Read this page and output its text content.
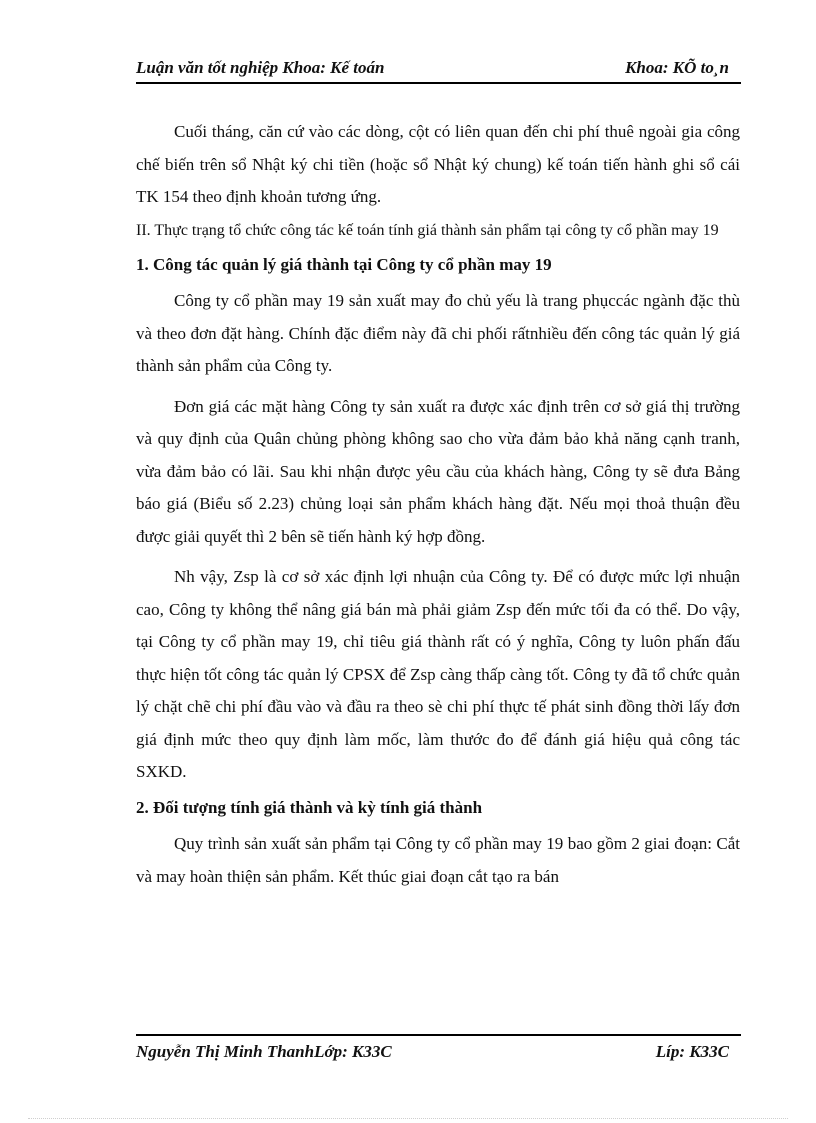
Luận văn tốt nghiệp Khoa: Kế toán	Khoa: KÕ to¸n

Cuối tháng, căn cứ vào các dòng, cột có liên quan đến chi phí thuê ngoài gia công chế biến trên sổ Nhật ký chi tiền (hoặc sổ Nhật ký chung) kế toán tiến hành ghi sổ cái TK 154 theo định khoản tương ứng.

II. Thực trạng tổ chức công tác kế toán tính giá thành sản phẩm tại công ty cổ phần may 19

1. Công tác quản lý giá thành tại Công ty cổ phần may 19

Công ty cổ phần may 19 sản xuất may đo chủ yếu là trang phụccác ngành đặc thù và theo đơn đặt hàng. Chính đặc điểm này đã chi phối rấtnhiều đến công tác quản lý giá thành sản phẩm của Công ty.

Đơn giá các mặt hàng Công ty sản xuất ra được xác định trên cơ sở giá thị trường và quy định của Quân chủng phòng không sao cho vừa đảm bảo khả năng cạnh tranh, vừa đảm bảo có lãi. Sau khi nhận được yêu cầu của khách hàng, Công ty sẽ đưa Bảng báo giá (Biểu số 2.23) chủng loại sản phẩm khách hàng đặt. Nếu mọi thoả thuận đều được giải quyết thì 2 bên sẽ tiến hành ký hợp đồng.

Nh vậy, Zsp là cơ sở xác định lợi nhuận của Công ty. Để có được mức lợi nhuận cao, Công ty không thể nâng giá bán mà phải giảm Zsp đến mức tối đa có thể. Do vậy, tại Công ty cổ phần may 19, chỉ tiêu giá thành rất có ý nghĩa, Công ty luôn phấn đấu thực hiện tốt công tác quản lý CPSX để Zsp càng thấp càng tốt. Công ty đã tổ chức quản lý chặt chẽ chi phí đầu vào và đầu ra theo sè chi phí thực tế phát sinh đồng thời lấy đơn giá định mức theo quy định làm mốc, làm thước đo để đánh giá hiệu quả công tác SXKD.

2. Đối tượng tính giá thành và kỳ tính giá thành

Quy trình sản xuất sản phẩm tại Công ty cổ phần may 19 bao gồm 2 giai đoạn: Cắt và may hoàn thiện sản phẩm. Kết thúc giai đoạn cắt tạo ra bán

Nguyễn Thị Minh ThanhLớp: K33C	Líp: K33C
